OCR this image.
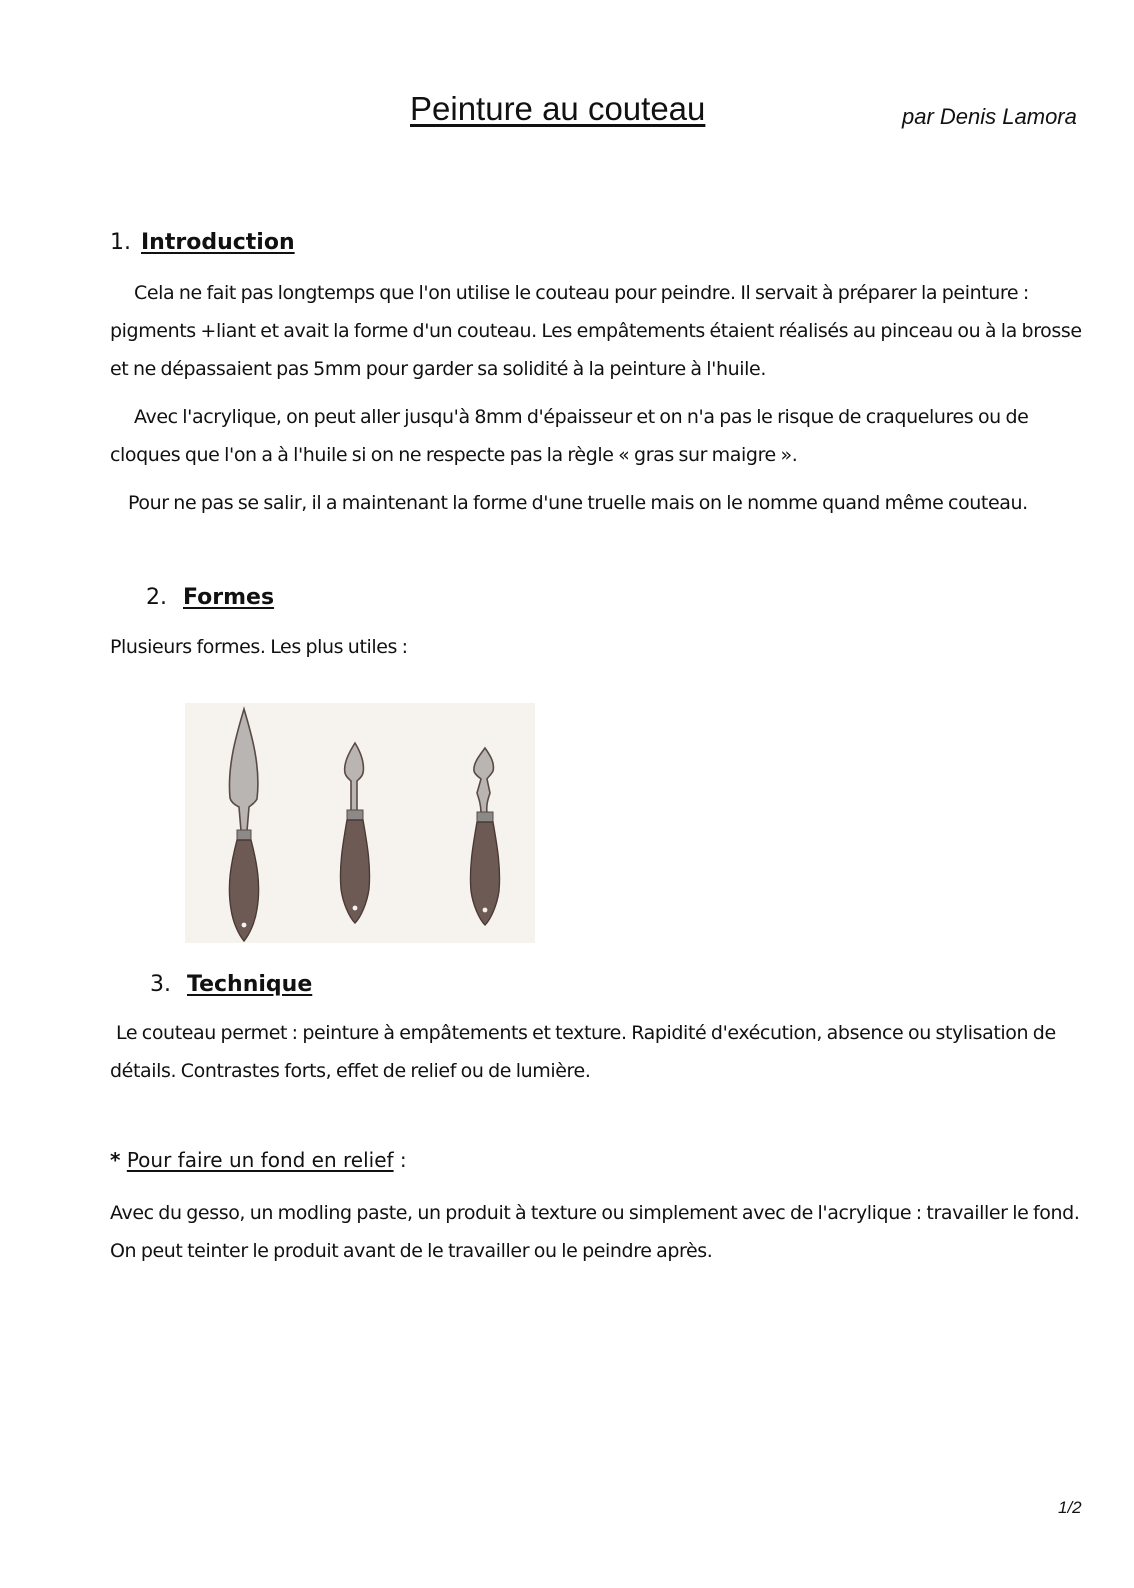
Peinture au couteau	par Denis Lamora
1. Introduction
Cela ne fait pas longtemps que l'on utilise le couteau pour peindre. Il servait à préparer la peinture : pigments +liant et avait la forme d'un couteau. Les empâtements étaient réalisés au pinceau ou à la brosse et ne dépassaient pas 5mm pour garder sa solidité à la peinture à l'huile.
Avec l'acrylique, on peut aller jusqu'à 8mm d'épaisseur et on n'a pas le risque de craquelures ou de cloques que l'on a à l'huile si on ne respecte pas la règle « gras sur maigre ».
Pour ne pas se salir, il a maintenant la forme d'une truelle mais on le nomme quand même couteau.
2. Formes
Plusieurs formes. Les plus utiles :
3. Technique
Le couteau permet : peinture à empâtements et texture. Rapidité d'exécution, absence ou stylisation de détails. Contrastes forts, effet de relief ou de lumière.
* Pour faire un fond en relief :
Avec du gesso, un modling paste, un produit à texture ou simplement avec de l'acrylique : travailler le fond. On peut teinter le produit avant de le travailler ou le peindre après.
1/2
